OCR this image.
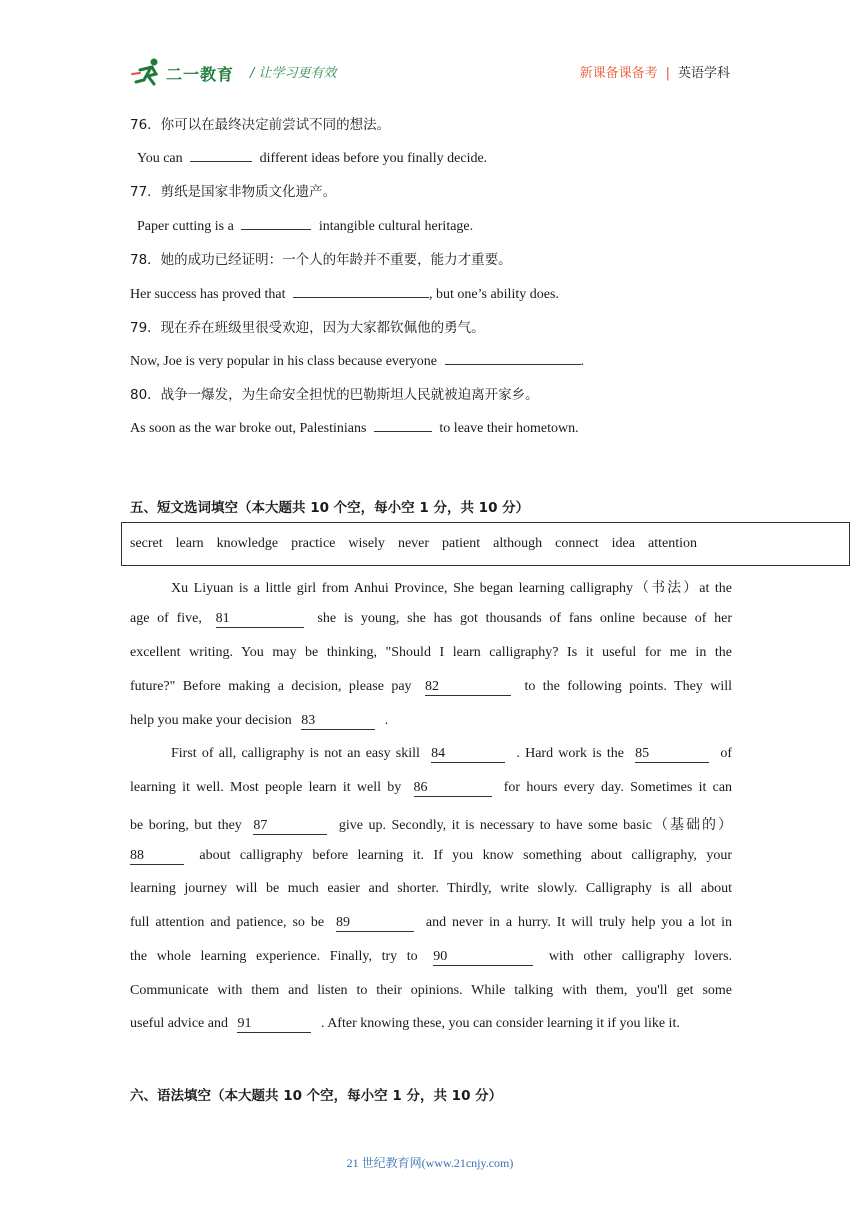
二一教育 / 让学习更有效	新课备课备考 | 英语学科
76．你可以在最终决定前尝试不同的想法。
You can	different ideas before you finally decide.
77．剪纸是国家非物质文化遗产。
Paper cutting is a	intangible cultural heritage.
78．她的成功已经证明：一个人的年龄并不重要，能力才重要。
Her success has proved that	, but one’s ability does.
79．现在乔在班级里很受欢迎，因为大家都钦佩他的勇气。
Now, Joe is very popular in his class because everyone	.
80．战争一爆发，为生命安全担忧的巴勒斯坦人民就被迫离开家乡。
As soon as the war broke out, Palestinians	to leave their hometown.
五、短文选词填空（本大题共 10 个空，每小空 1 分，共 10 分）
secret learn knowledge practice wisely never patient although connect idea attention
Xu Liyuan is a little girl from Anhui Province, She began learning calligraphy（书法）at the
age of five, 81	she is young, she has got thousands of fans online because of her
excellent writing. You may be thinking, "Should I learn calligraphy? Is it useful for me in the
future?" Before making a decision, please pay 82	to the following points. They will
help you make your decision 83	.
First of all, calligraphy is not an easy skill 84	. Hard work is the 85	of
learning it well. Most people learn it well by 86	for hours every day. Sometimes it can
be boring, but they 87	give up. Secondly, it is necessary to have some basic（基础的）
88	about calligraphy before learning it. If you know something about calligraphy, your
learning journey will be much easier and shorter. Thirdly, write slowly. Calligraphy is all about
full attention and patience, so be 89	and never in a hurry. It will truly help you a lot in
the whole learning experience. Finally, try to 90	with other calligraphy lovers.
Communicate with them and listen to their opinions. While talking with them, you'll get some
useful advice and 91	. After knowing these, you can consider learning it if you like it.
六、语法填空（本大题共 10 个空，每小空 1 分，共 10 分）
21 世纪教育网(www.21cnjy.com)
